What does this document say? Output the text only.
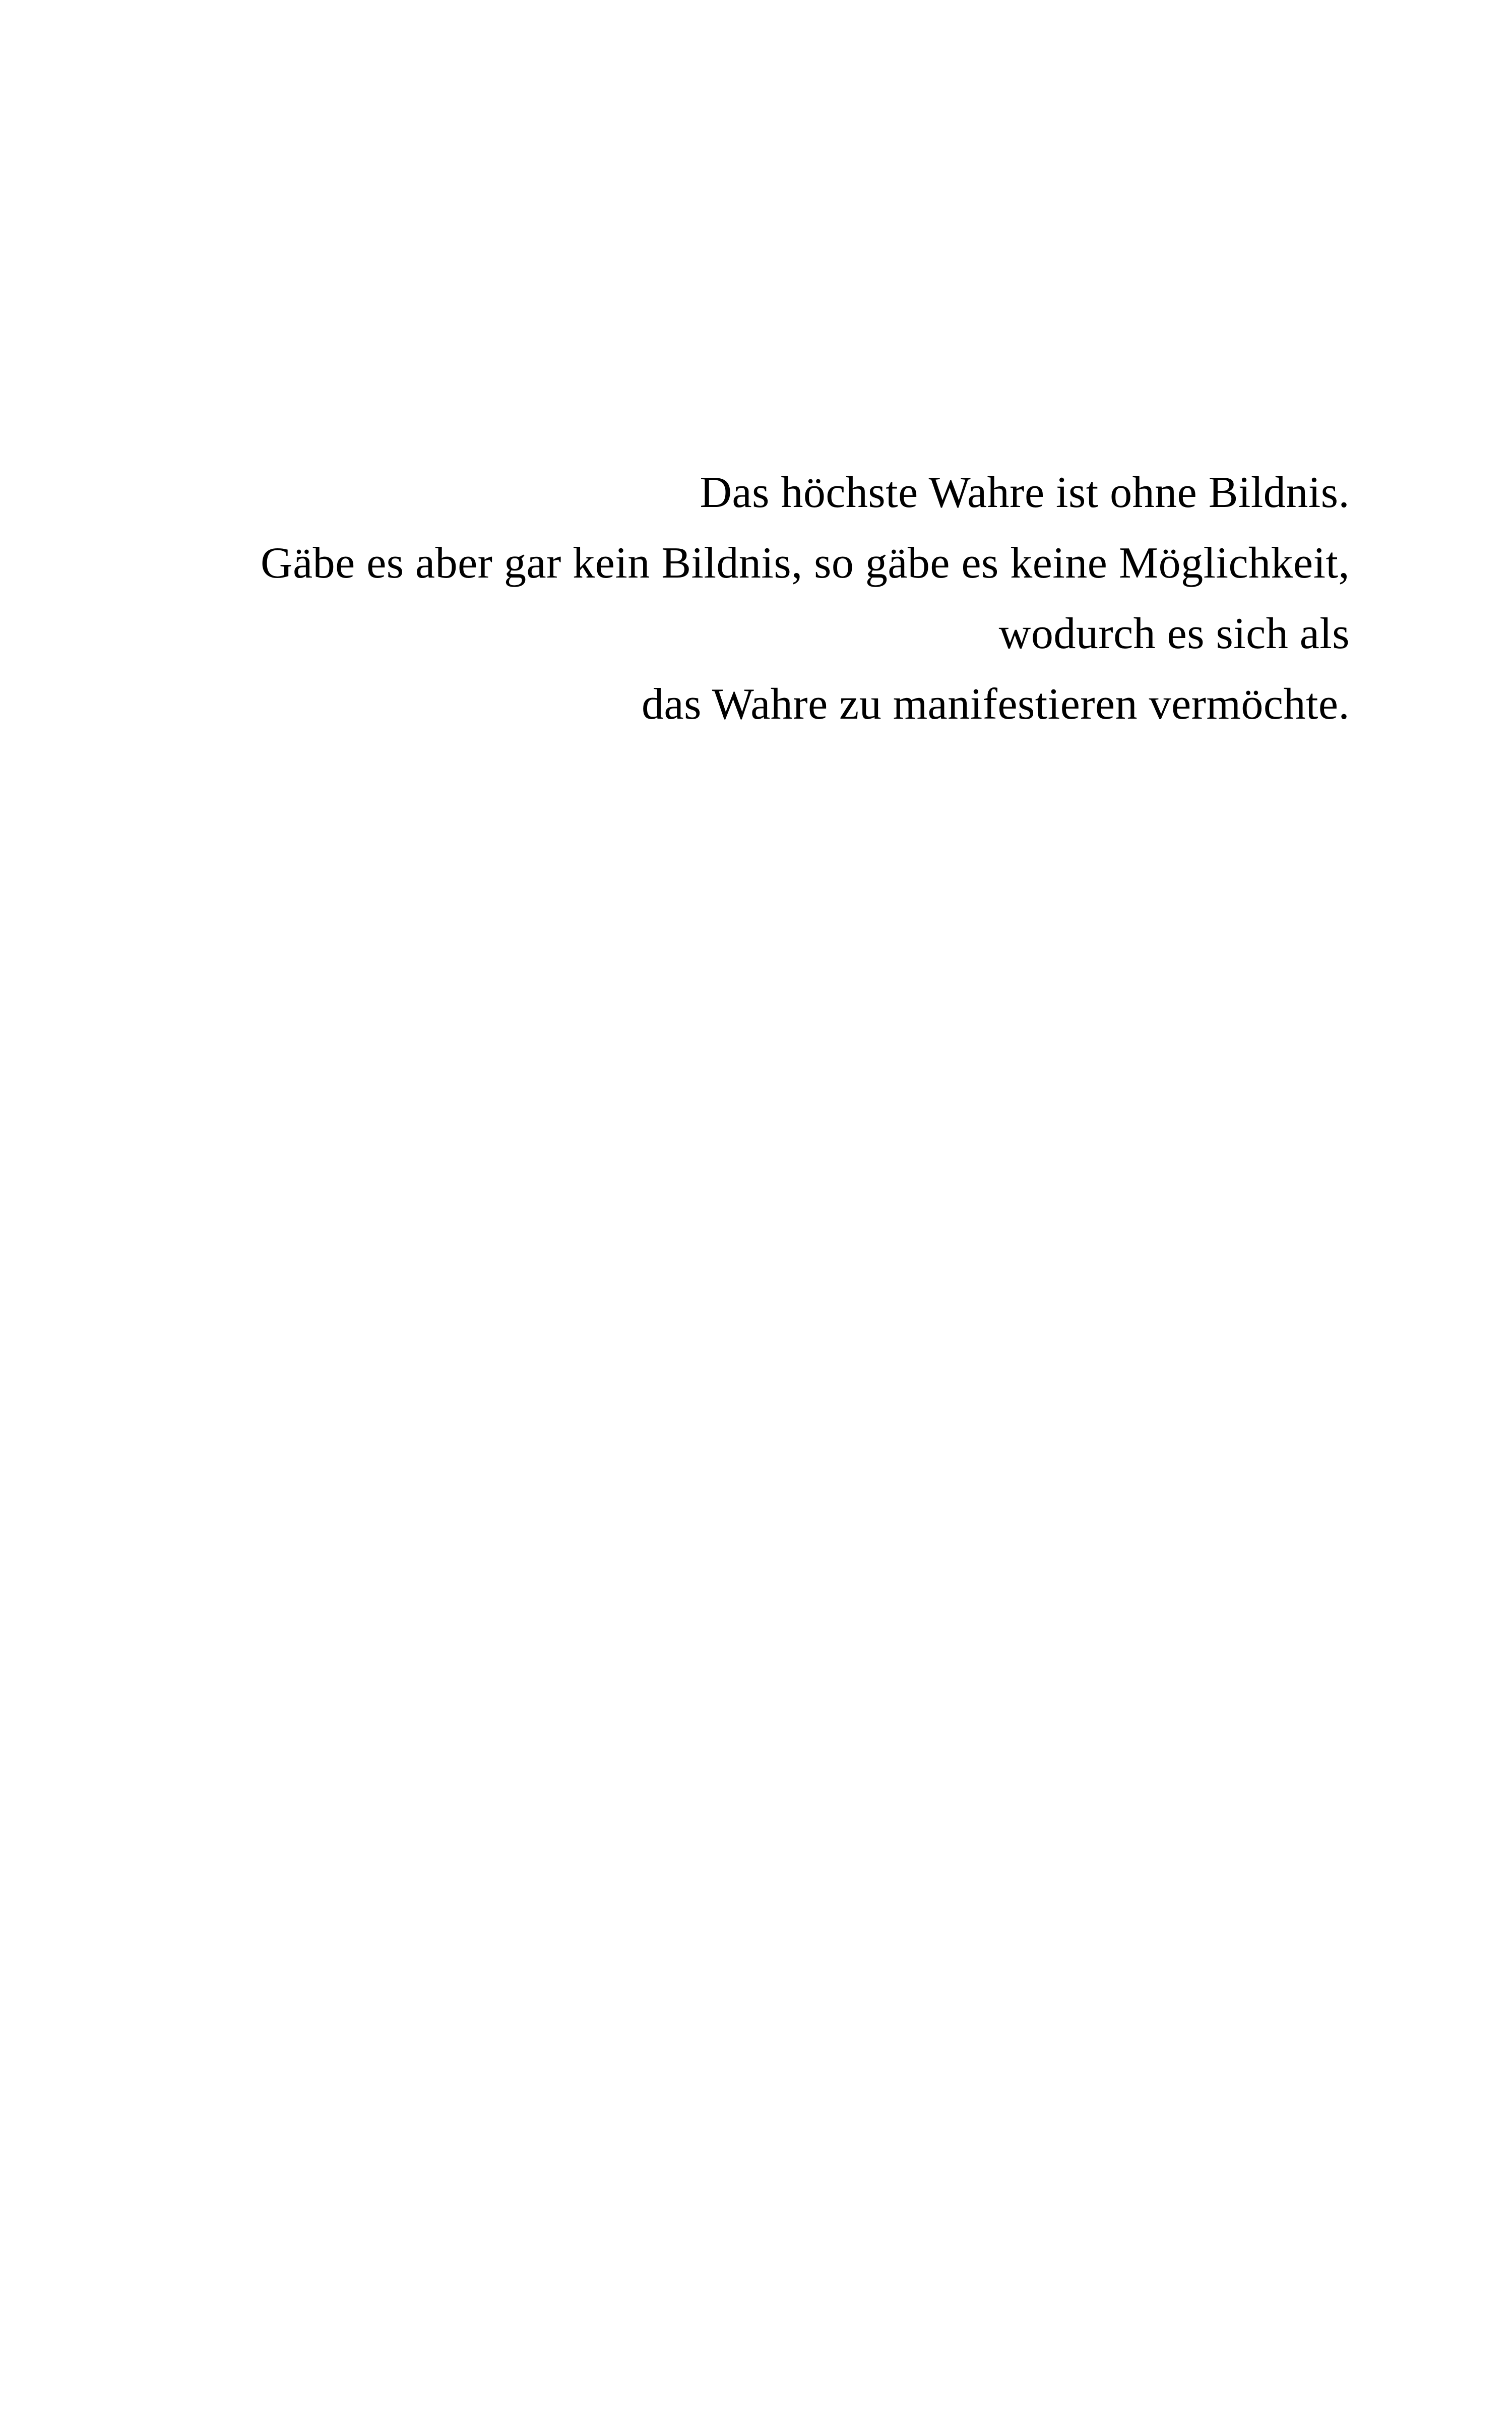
Das höchste Wahre ist ohne Bildnis.
Gäbe es aber gar kein Bildnis, so gäbe es keine Möglichkeit,
wodurch es sich als
das Wahre zu manifestieren vermöchte.
